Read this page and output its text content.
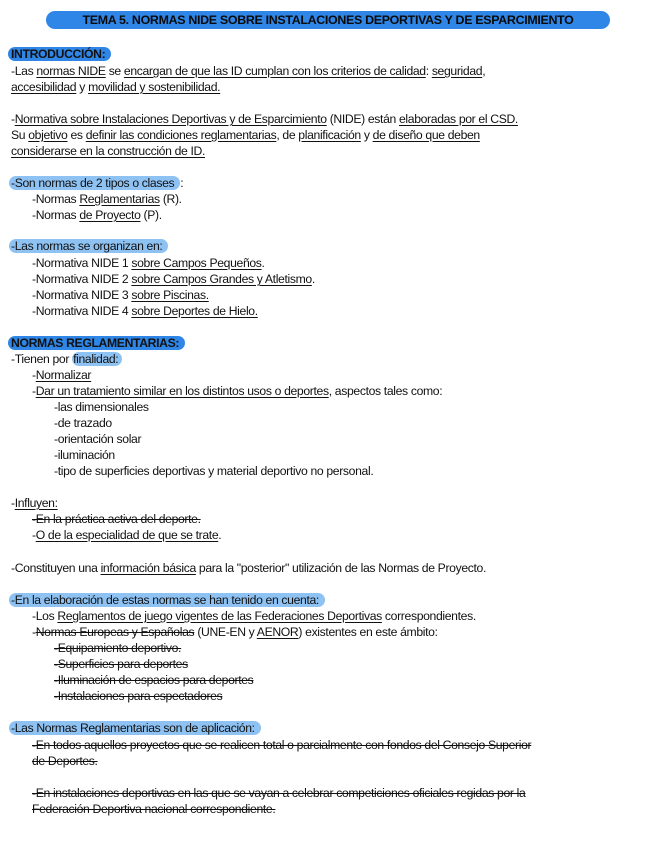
TEMA 5. NORMAS NIDE SOBRE INSTALACIONES DEPORTIVAS Y DE ESPARCIMIENTO
INTRODUCCIÓN:
-Las normas NIDE se encargan de que las ID cumplan con los criterios de calidad: seguridad,
accesibilidad y movilidad y sostenibilidad.
-Normativa sobre Instalaciones Deportivas y de Esparcimiento (NIDE) están elaboradas por el CSD.
Su objetivo es definir las condiciones reglamentarias, de planificación y de diseño que deben
considerarse en la construcción de ID.
-Son normas de 2 tipos o clases :
-Normas Reglamentarias (R).
-Normas de Proyecto (P).
-Las normas se organizan en:
-Normativa NIDE 1 sobre Campos Pequeños.
-Normativa NIDE 2 sobre Campos Grandes y Atletismo.
-Normativa NIDE 3 sobre Piscinas.
-Normativa NIDE 4 sobre Deportes de Hielo.
NORMAS REGLAMENTARIAS:
-Tienen por finalidad:
-Normalizar
-Dar un tratamiento similar en los distintos usos o deportes, aspectos tales como:
-las dimensionales
-de trazado
-orientación solar
-iluminación
-tipo de superficies deportivas y material deportivo no personal.
-Influyen:
-En la práctica activa del deporte.
-O de la especialidad de que se trate.
-Constituyen una información básica para la "posterior" utilización de las Normas de Proyecto.
-En la elaboración de estas normas se han tenido en cuenta:
-Los Reglamentos de juego vigentes de las Federaciones Deportivas correspondientes.
-Normas Europeas y Españolas (UNE-EN y AENOR) existentes en este ámbito:
-Equipamiento deportivo.
-Superficies para deportes
-Iluminación de espacios para deportes
-Instalaciones para espectadores
-Las Normas Reglamentarias son de aplicación:
-En todos aquellos proyectos que se realicen total o parcialmente con fondos del Consejo Superior
de Deportes.
-En instalaciones deportivas en las que se vayan a celebrar competiciones oficiales regidas por la
Federación Deportiva nacional correspondiente.
